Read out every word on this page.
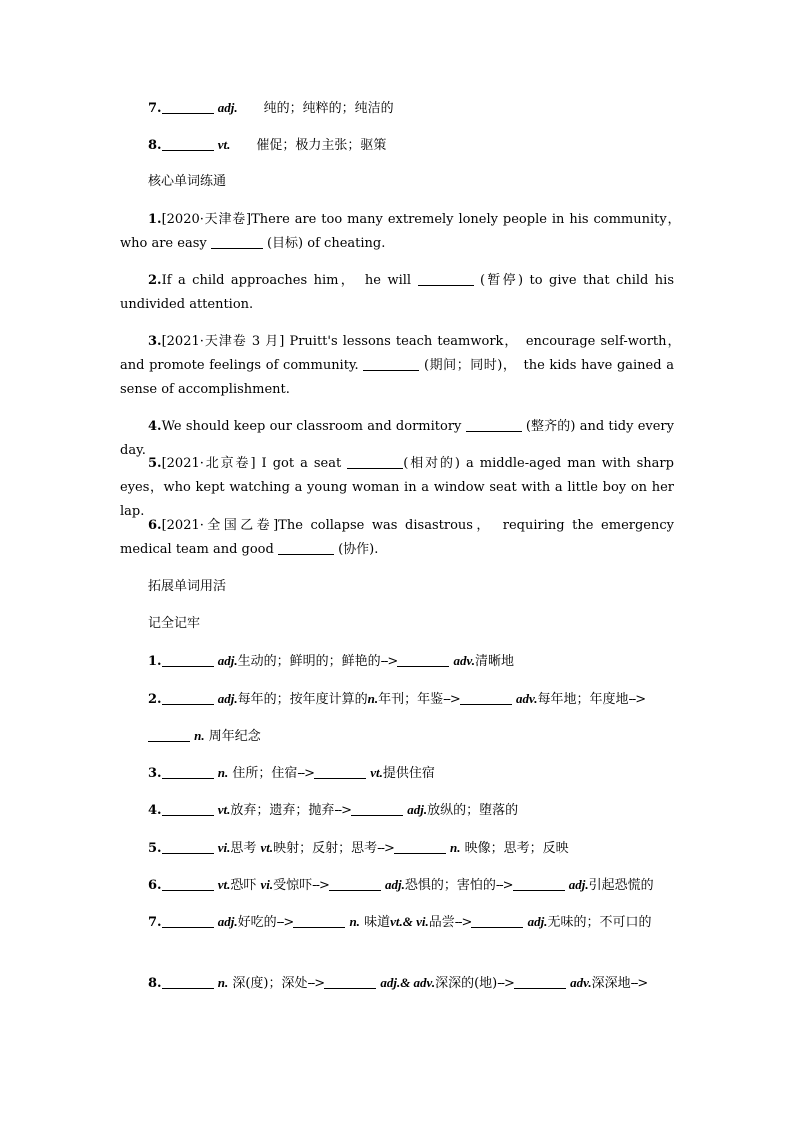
7.	adj. 纯的；纯粹的；纯洁的
8.	vt. 催促；极力主张；驱策
核心单词练通
1.[2020·天津卷]There are too many extremely lonely people in his community，　who are easy	(目标) of cheating.
2.If a child approaches him，　he will	(暂停) to give that child his undivided attention.
3.[2021·天津卷 3 月] Pruitt's lessons teach teamwork，　encourage self-worth，　and promote feelings of community.	(期间；同时)，　the kids have gained a sense of accomplishment.
4.We should keep our classroom and dormitory	(整齐的) and tidy every day.
5.[2021·北京卷] I got a seat	(相对的) a middle-aged man with sharp eyes，who kept watching a young woman in a window seat with a little boy on her lap.
6.[2021·全国乙卷]The collapse was disastrous，　requiring the emergency medical team and good	(协作).
拓展单词用活
记全记牢
1.	adj.生动的；鲜明的；鲜艳的-->	adv.清晰地
2.	adj.每年的；按年度计算的n.年刊；年鉴-->	adv.每年地；年度地-->
n. 周年纪念
3.	n. 住所；住宿-->	vt.提供住宿
4.	vt.放弃；遗弃；抛弃-->	adj.放纵的；堕落的
5.	vi.思考 vt.映射；反射；思考-->	n. 映像；思考；反映
6.	vt.恐吓 vi.受惊吓-->	adj.恐惧的；害怕的-->	adj.引起恐慌的
7.	adj.好吃的-->	n. 味道vt.& vi.品尝-->	adj.无味的；不可口的
8.	n. 深(度)；深处-->	adj.& adv.深深的(地)-->	adv.深深地-->
